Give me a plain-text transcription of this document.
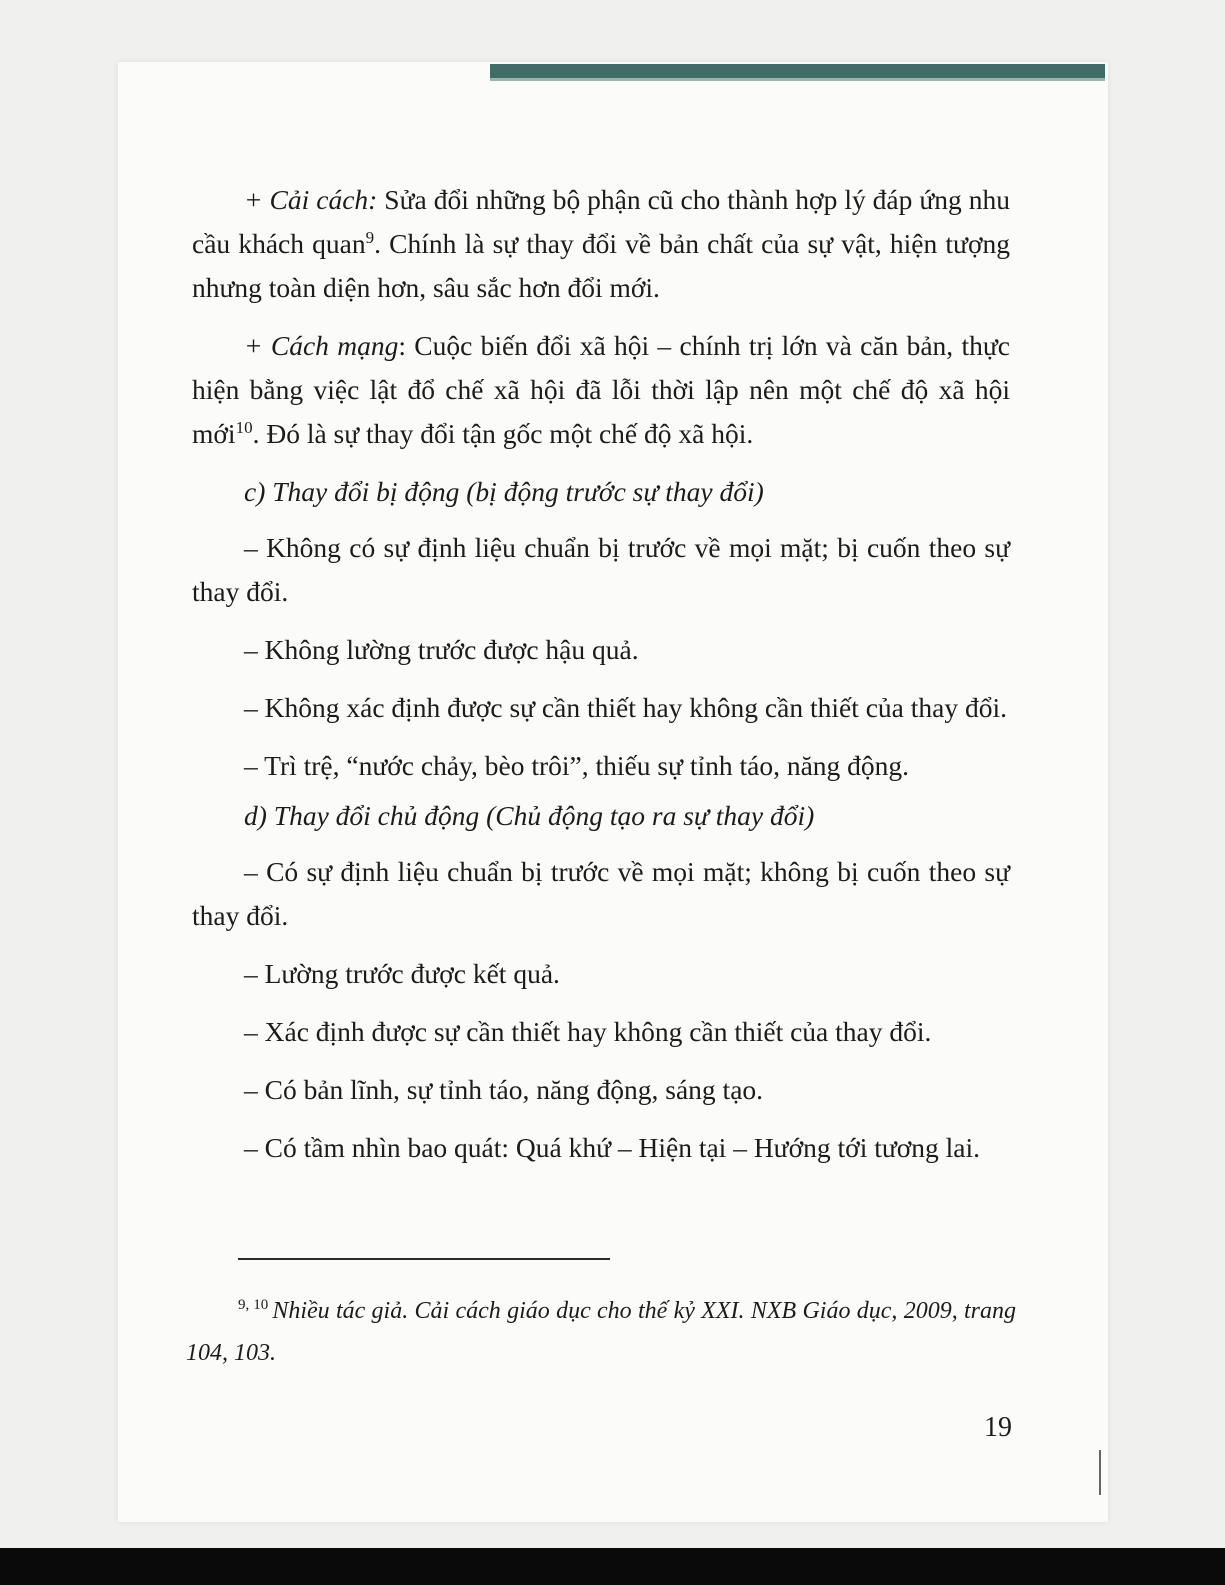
+ Cải cách: Sửa đổi những bộ phận cũ cho thành hợp lý đáp ứng nhu cầu khách quan$^9$. Chính là sự thay đổi về bản chất của sự vật, hiện tượng nhưng toàn diện hơn, sâu sắc hơn đổi mới.

+ Cách mạng: Cuộc biến đổi xã hội – chính trị lớn và căn bản, thực hiện bằng việc lật đổ chế xã hội đã lỗi thời lập nên một chế độ xã hội mới$^{10}$. Đó là sự thay đổi tận gốc một chế độ xã hội.

c) Thay đổi bị động (bị động trước sự thay đổi)

– Không có sự định liệu chuẩn bị trước về mọi mặt; bị cuốn theo sự thay đổi.

– Không lường trước được hậu quả.

– Không xác định được sự cần thiết hay không cần thiết của thay đổi.

– Trì trệ, “nước chảy, bèo trôi”, thiếu sự tỉnh táo, năng động.

d) Thay đổi chủ động (Chủ động tạo ra sự thay đổi)

– Có sự định liệu chuẩn bị trước về mọi mặt; không bị cuốn theo sự thay đổi.

– Lường trước được kết quả.

– Xác định được sự cần thiết hay không cần thiết của thay đổi.

– Có bản lĩnh, sự tỉnh táo, năng động, sáng tạo.

– Có tầm nhìn bao quát: Quá khứ – Hiện tại – Hướng tới tương lai.

$^{9, 10}$ Nhiều tác giả. Cải cách giáo dục cho thế kỷ XXI. NXB Giáo dục, 2009, trang 104, 103.
19
